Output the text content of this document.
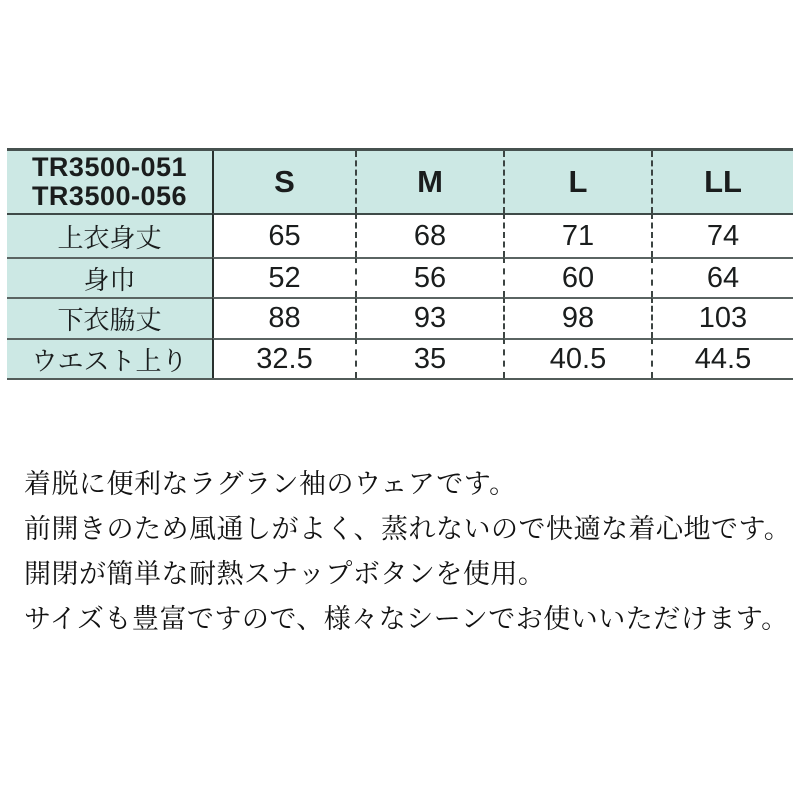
TR3500-051
TR3500-056	S	M	L	LL
上衣身丈	65	68	71	74
身巾	52	56	60	64
下衣脇丈	88	93	98	103
ウエスト上り	32.5	35	40.5	44.5

着脱に便利なラグラン袖のウェアです。

前開きのため風通しがよく、蒸れないので快適な着心地です。

開閉が簡単な耐熱スナップボタンを使用。

サイズも豊富ですので、様々なシーンでお使いいただけます。
